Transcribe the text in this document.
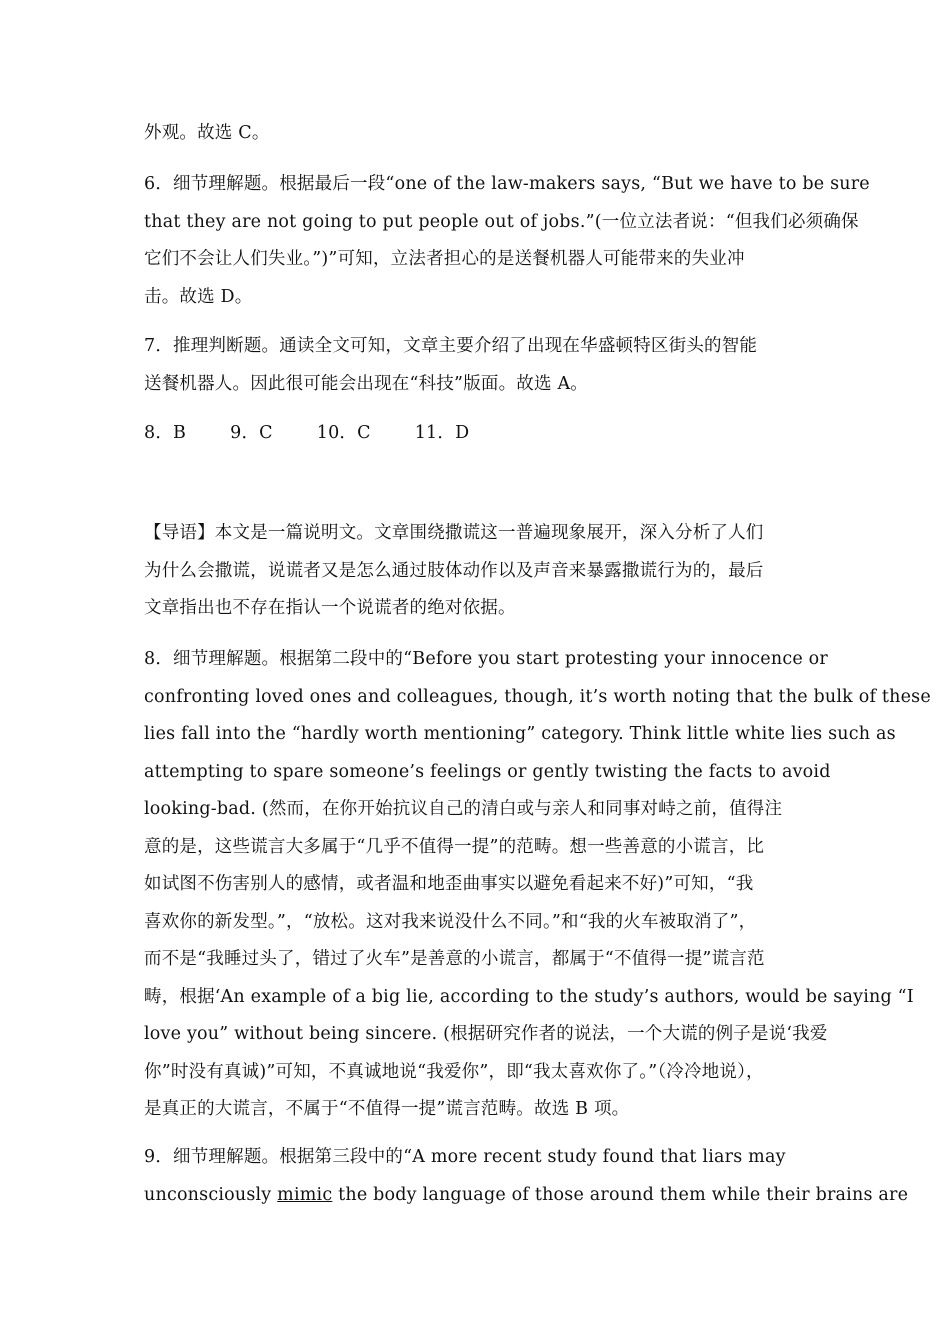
外观。故选 C。

6．细节理解题。根据最后一段“one of the law-makers says, “But we have to be sure
that they are not going to put people out of jobs.”(一位立法者说：“但我们必须确保
它们不会让人们失业。”)”可知，立法者担心的是送餐机器人可能带来的失业冲
击。故选 D。

7．推理判断题。通读全文可知，文章主要介绍了出现在华盛顿特区街头的智能
送餐机器人。因此很可能会出现在“科技”版面。故选 A。

8．B	9．C	10．C	11．D

【导语】本文是一篇说明文。文章围绕撒谎这一普遍现象展开，深入分析了人们
为什么会撒谎，说谎者又是怎么通过肢体动作以及声音来暴露撒谎行为的，最后
文章指出也不存在指认一个说谎者的绝对依据。

8．细节理解题。根据第二段中的“Before you start protesting your innocence or
confronting loved ones and colleagues, though, it’s worth noting that the bulk of these
lies fall into the “hardly worth mentioning” category. Think little white lies such as
attempting to spare someone’s feelings or gently twisting the facts to avoid
looking-bad. (然而，在你开始抗议自己的清白或与亲人和同事对峙之前，值得注
意的是，这些谎言大多属于“几乎不值得一提”的范畴。想一些善意的小谎言，比
如试图不伤害别人的感情，或者温和地歪曲事实以避免看起来不好)”可知，“我
喜欢你的新发型。”，“放松。这对我来说没什么不同。”和“我的火车被取消了”，
而不是“我睡过头了，错过了火车”是善意的小谎言，都属于“不值得一提”谎言范
畴，根据‘An example of a big lie, according to the study’s authors, would be saying “I
love you” without being sincere. (根据研究作者的说法，一个大谎的例子是说‘我爱
你”时没有真诚)”可知，不真诚地说“我爱你”，即“我太喜欢你了。”（冷冷地说），
是真正的大谎言，不属于“不值得一提”谎言范畴。故选 B 项。

9．细节理解题。根据第三段中的“A more recent study found that liars may
unconsciously mimic the body language of those around them while their brains are
